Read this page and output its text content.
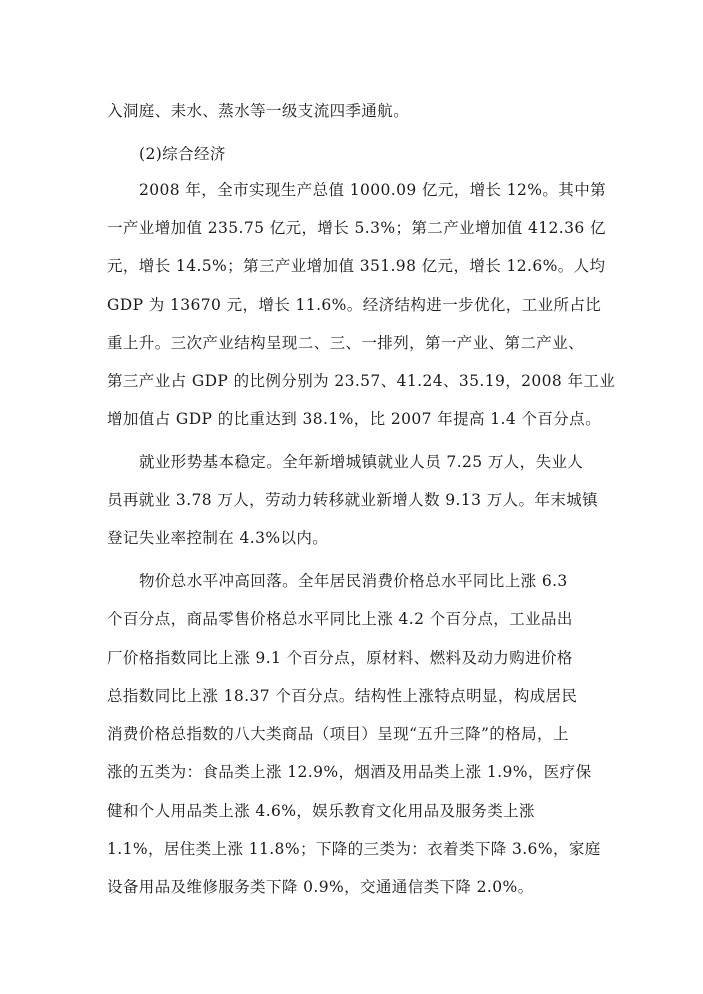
入洞庭、耒水、蒸水等一级支流四季通航。
(2)综合经济
2008 年，全市实现生产总值 1000.09 亿元，增长 12%。其中第
一产业增加值 235.75 亿元，增长 5.3%；第二产业增加值 412.36 亿
元，增长 14.5%；第三产业增加值 351.98 亿元，增长 12.6%。人均
GDP 为 13670 元，增长 11.6%。经济结构进一步优化，工业所占比
重上升。三次产业结构呈现二、三、一排列，第一产业、第二产业、
第三产业占 GDP 的比例分别为 23.57、41.24、35.19，2008 年工业
增加值占 GDP 的比重达到 38.1%，比 2007 年提高 1.4 个百分点。
就业形势基本稳定。全年新增城镇就业人员 7.25 万人，失业人
员再就业 3.78 万人，劳动力转移就业新增人数 9.13 万人。年末城镇
登记失业率控制在 4.3%以内。
物价总水平冲高回落。全年居民消费价格总水平同比上涨 6.3
个百分点，商品零售价格总水平同比上涨 4.2 个百分点，工业品出
厂价格指数同比上涨 9.1 个百分点，原材料、燃料及动力购进价格
总指数同比上涨 18.37 个百分点。结构性上涨特点明显，构成居民
消费价格总指数的八大类商品（项目）呈现“五升三降”的格局，上
涨的五类为：食品类上涨 12.9%，烟酒及用品类上涨 1.9%，医疗保
健和个人用品类上涨 4.6%，娱乐教育文化用品及服务类上涨
1.1%，居住类上涨 11.8%；下降的三类为：衣着类下降 3.6%，家庭
设备用品及维修服务类下降 0.9%，交通通信类下降 2.0%。
